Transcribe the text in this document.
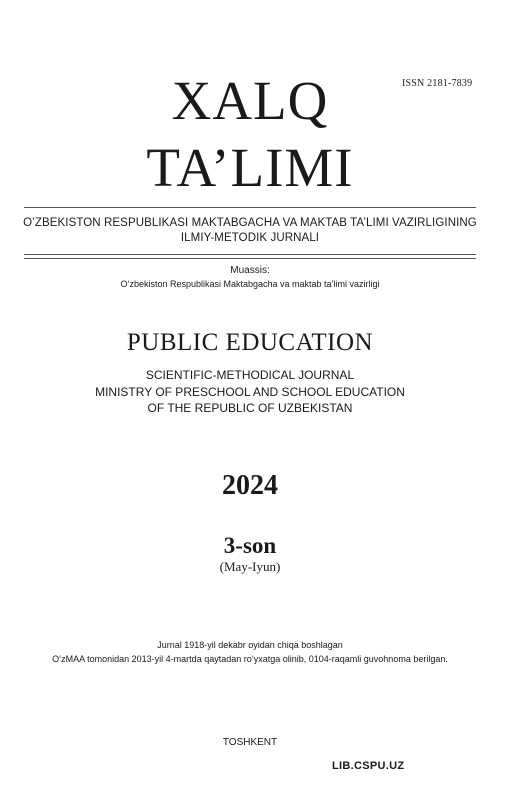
ISSN 2181-7839
XALQ
TA’LIMI
O’ZBEKISTON RESPUBLIKASI MAKTABGACHA VA MAKTAB TA’LIMI VAZIRLIGINING
ILMIY-METODIK JURNALI
Muassis:
O‘zbekiston Respublikasi Maktabgacha va maktab ta’limi vazirligi
PUBLIC EDUCATION
SCIENTIFIC-METHODICAL JOURNAL
MINISTRY OF PRESCHOOL AND SCHOOL EDUCATION
OF THE REPUBLIC OF UZBEKISTAN
2024
3-son
(May-Iyun)
Jurnal 1918-yil dekabr oyidan chiqa boshlagan
O‘zMAA tomonidan 2013-yil 4-martda qaytadan ro‘yxatga olinib, 0104-raqamli guvohnoma berilgan.
TOSHKENT
LIB.CSPU.UZ
